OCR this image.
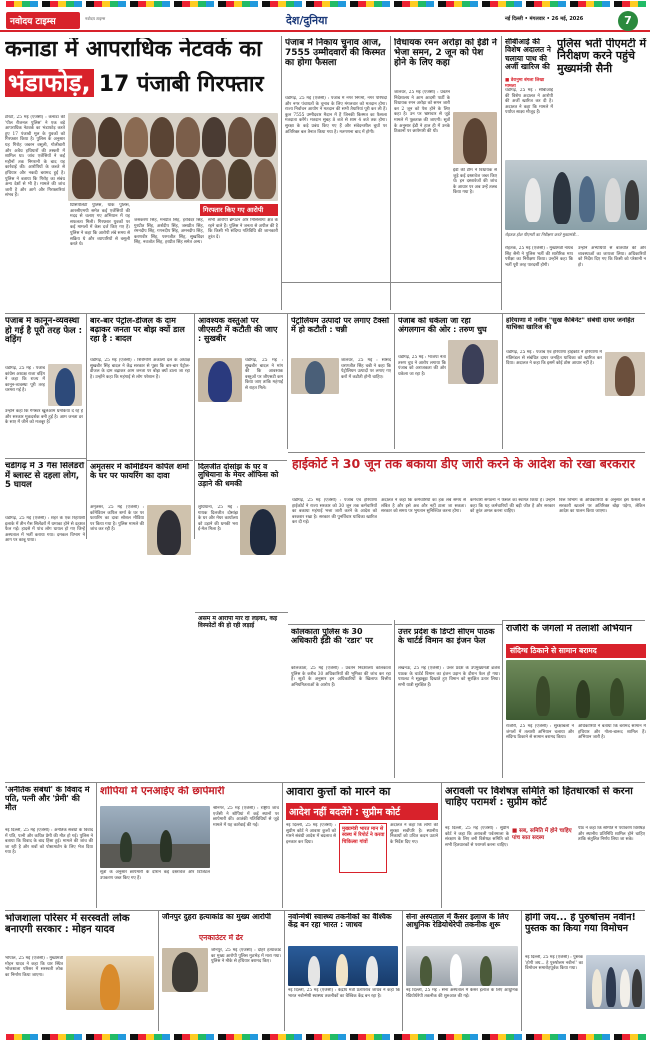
नवोदय टाइम्स	नवोदय टाइम्स	देश/दुनिया	नई दिल्ली • मंगलवार • 26 मई, 2026	7
कनाडा में आपराधिक नेटवर्क का
भंडाफोड़, 17 पंजाबी गिरफ्तार
टोरंटो, 25 मई (एजेंसी) : कनाडा की 'पील रीजनल पुलिस' ने एक बड़े आपराधिक नेटवर्क का भंडाफोड़ करते हुए 17 पंजाबी मूल के युवकों को गिरफ्तार किया है। पुलिस के अनुसार यह गिरोह जबरन वसूली, गोलीबारी और अवैध हथियारों की तस्करी में शामिल था। जांच एजेंसियों ने कई महीनों तक निगरानी के बाद यह कार्रवाई की। आरोपियों के कब्जे से हथियार और नकदी बरामद हुई है। पुलिस ने बताया कि गिरोह का संबंध अन्य देशों से भी है। मामले की जांच जारी है और आगे और गिरफ्तारियां संभव हैं।
गिरफ्तार किए गए आरोपी
प्रिंसिपेलिटी पुलिस, यॉर्क पुलिस, आरसीएमपी समेत कई एजेंसियों की मदद से चलाए गए अभियान में यह सफलता मिली। गिरफ्तार युवकों पर कई मामलों में केस दर्ज किए गए हैं। पुलिस ने कहा कि आरोपी लंबे समय से सक्रिय थे और व्यापारियों से वसूली करते थे।
जसकरण सिंह, मनप्रीत सिंह, हरविंदर सिंह, गुरप्रीत सिंह, अर्शदीप सिंह, जसप्रीत सिंह, रमनदीप सिंह, गगनदीप सिंह, अमनदीप सिंह, करणवीर सिंह, परमजीत सिंह, सुखविंदर सिंह, नवजोत सिंह, हरप्रीत सिंह समेत अन्य।
सभी आरोपी ब्रैम्पटन और मिसिसॉगा क्षेत्र के रहने वाले हैं। पुलिस ने जनता से अपील की है कि किसी भी संदिग्ध गतिविधि की जानकारी तुरंत दें।
पंजाब में निकाय चुनाव आज, 7555 उम्मीदवारों की किस्मत का होगा फैसला
चंडीगढ़, 25 मई (एजेंसी) : पंजाब में नगर निगमों, नगर परिषदों और नगर पंचायतों के चुनाव के लिए मंगलवार को मतदान होगा। राज्य निर्वाचन आयोग ने मतदान की सभी तैयारियां पूरी कर ली हैं। कुल 7555 उम्मीदवार मैदान में हैं जिनकी किस्मत का फैसला मतदाता करेंगे। मतदान सुबह 8 बजे से शाम 4 बजे तक होगा। सुरक्षा के कड़े प्रबंध किए गए हैं और संवेदनशील बूथों पर अतिरिक्त बल तैनात किया गया है। मतगणना बाद में होगी।
विधायक रमन अरोड़ा को ईडी ने भेजा समन, 2 जून को पेश होने के लिए कहा
जालंधर, 25 मई (एजेंसी) : प्रवर्तन निदेशालय ने आम आदमी पार्टी के विधायक रमन अरोड़ा को समन जारी कर 2 जून को पेश होने के लिए कहा है। उन पर भ्रष्टाचार से जुड़े मामले में पूछताछ की जाएगी। सूत्रों के अनुसार ईडी ने हाल ही में उनके ठिकानों पर छापेमारी की थी।
ईडी की टीम ने विधायक से जुड़े कई दस्तावेज जब्त किए थे। इन दस्तावेजों की जांच के आधार पर अब उन्हें तलब किया गया है।
सीबीआई की विशेष अदालत ने चलाया पाथ की अर्जी खारिज की
■ डेरानुमा बंगला लिखा मामला
चंडीगढ़, 25 मई : सीबीआई की विशेष अदालत ने आरोपी की अर्जी खारिज कर दी है। अदालत ने कहा कि मामले में पर्याप्त साक्ष्य मौजूद हैं।
पुलिस भर्ती पीएमटी में निरीक्षण करने पहुंचे मुख्यमंत्री सैनी
रोहतक होश पीएमटी का निरीक्षण करते मुख्यमंत्री...
रोहतक, 25 मई (एजेंसी) : मुख्यमंत्री नायब सिंह सैनी ने पुलिस भर्ती की शारीरिक माप परीक्षा का निरीक्षण किया। उन्होंने कहा कि भर्ती पूरी तरह पारदर्शी होगी।
उन्होंने अभ्यर्थियों से बातचीत की और व्यवस्थाओं का जायजा लिया। अधिकारियों को निर्देश दिए गए कि किसी को परेशानी न हो।
पंजाब में कानून-व्यवस्था हो गई है पूरी तरह फेल : वड़िंग
चंडीगढ़, 25 मई : पंजाब कांग्रेस अध्यक्ष राजा वड़िंग ने कहा कि राज्य में कानून-व्यवस्था पूरी तरह चरमरा गई है।
उन्होंने कहा कि गैंगस्टर खुलेआम धमकियां दे रहे हैं और सरकार मूकदर्शक बनी हुई है। आम जनता डर के साए में जीने को मजबूर है।
बार-बार पेट्रोल-डीजल के दाम बढ़ाकर जनता पर बोझ क्यों डाल रहा है : बादल
चंडीगढ़, 25 मई (एजेंसी) : शिरोमणि अकाली दल के अध्यक्ष सुखबीर सिंह बादल ने केंद्र सरकार से पूछा कि बार-बार पेट्रोल-डीजल के दाम बढ़ाकर आम जनता पर बोझ क्यों डाला जा रहा है। उन्होंने कहा कि महंगाई से लोग परेशान हैं।
आवश्यक वस्तुओं पर जीएसटी में कटौती की जाए : सुखबीर
चंडीगढ़, 25 मई : सुखबीर बादल ने मांग की कि आवश्यक वस्तुओं पर जीएसटी कम किया जाए ताकि महंगाई से राहत मिले।
पेट्रोलियम उत्पादों पर लगाए टैक्सों में हो कटौती : चन्नी
जालंधर, 25 मई : सांसद चरणजीत सिंह चन्नी ने कहा कि पेट्रोलियम उत्पादों पर लगाए गए करों में कटौती होनी चाहिए।
पंजाब को धकेला जा रहा अंगलगान की ओर : तरुण चुघ
चंडीगढ़, 25 मई : भाजपा नेता तरुण चुघ ने आरोप लगाया कि पंजाब को अराजकता की ओर धकेला जा रहा है।
हरियाणा में नवीन "सुख कैबिनेट" संबंधी दायर जनहित याचिका खारिज की
चंडीगढ़, 25 मई : पंजाब एवं हरियाणा हाईकोर्ट ने हरियाणा में मंत्रिमंडल से संबंधित दायर जनहित याचिका को खारिज कर दिया। अदालत ने कहा कि इसमें कोई ठोस आधार नहीं है।
हाईकोर्ट ने 30 जून तक बकाया डीए जारी करने के आदेश को रखा बरकरार
चंडीगढ़, 25 मई (एजेंसी) : पंजाब एवं हरियाणा हाईकोर्ट ने राज्य सरकार को 30 जून तक कर्मचारियों का बकाया महंगाई भत्ता जारी करने के आदेश को बरकरार रखा है। सरकार की पुनर्विचार याचिका खारिज कर दी गई।
अदालत ने कहा कि कर्मचारियों का हक लंबे समय से लंबित है और इसे अब और नहीं टाला जा सकता। सरकार को समय पर भुगतान सुनिश्चित करना होगा।
कर्मचारी संगठनों ने फैसले का स्वागत किया है। उन्होंने कहा कि यह कर्मचारियों की बड़ी जीत है और सरकार को तुरंत अमल करना चाहिए।
वित्त विभाग के अधिकारियों के अनुसार इस फैसले से सरकारी खजाने पर अतिरिक्त बोझ पड़ेगा, लेकिन आदेश का पालन किया जाएगा।
चंडीगढ़ में 3 गैस सिलेंडरों में ब्लास्ट से दहला लोग, 5 घायल
चंडीगढ़, 25 मई (एजेंसी) : शहर के एक रिहायशी इलाके में तीन गैस सिलेंडरों में धमाका होने से दहशत फैल गई। हादसे में पांच लोग घायल हो गए जिन्हें अस्पताल में भर्ती कराया गया। दमकल विभाग ने आग पर काबू पाया।
अमृतसर में कॉमेडियन कपिल शर्मा के घर पर फायरिंग का दावा
अमृतसर, 25 मई (एजेंसी) : कॉमेडियन कपिल शर्मा के घर पर फायरिंग का दावा सोशल मीडिया पर किया गया है। पुलिस मामले की जांच कर रही है।
दिलजीत दोसांझ के घर व लुधियाना के मेयर ऑफिस को उड़ाने की धमकी
लुधियाना, 25 मई : गायक दिलजीत दोसांझ के घर और मेयर कार्यालय को उड़ाने की धमकी भरा ई-मेल मिला है।
कोलकाता पुलिस के 30 अधिकारी ईडी की 'रडार' पर
कोलकाता, 25 मई (एजेंसी) : प्रवर्तन निदेशालय कोलकाता पुलिस के करीब 30 अधिकारियों की भूमिका की जांच कर रहा है। सूत्रों के अनुसार इन अधिकारियों के खिलाफ वित्तीय अनियमितताओं के आरोप हैं।
उत्तर प्रदेश के डिप्टी सीएम पाठक के चार्टर्ड विमान का इंजन फेल
लखनऊ, 25 मई (एजेंसी) : उत्तर प्रदेश के उपमुख्यमंत्री ब्रजेश पाठक के चार्टर्ड विमान का इंजन उड़ान के दौरान फेल हो गया। पायलट ने सूझबूझ दिखाते हुए विमान को सुरक्षित उतार लिया। सभी यात्री सुरक्षित हैं।
असम में आरोपी मार दो लड़का, कई विस्फोटों की हो रही लड़ाई	राजौरी के जंगलों में तलाशी अभियान
संदिग्ध ठिकाने से सामान बरामद
राजौरी, 25 मई (एजेंसी) : सुरक्षाबलों ने जंगलों में तलाशी अभियान चलाया और संदिग्ध ठिकाने से सामान बरामद किया।
अधिकारियों ने बताया कि बरामद सामान में हथियार और गोला-बारूद शामिल हैं। अभियान जारी है।
'अनैतिक संबंधों' के विवाद में पति, पत्नी और 'प्रेमी' की मौत
नई दिल्ली, 25 मई (एजेंसी) : अनैतिक संबंधों के विवाद में पति, पत्नी और कथित प्रेमी की मौत हो गई। पुलिस ने बताया कि विवाद के बाद हिंसा हुई। मामले की जांच की जा रही है और शवों को पोस्टमार्टम के लिए भेज दिया गया है।
शोपियां में एनआईए की छापेमारी
श्रीनगर, 25 मई (एजेंसी) : राष्ट्रीय जांच एजेंसी ने शोपियां में कई स्थानों पर छापेमारी की। आतंकी गतिविधियों से जुड़े मामले में यह कार्रवाई की गई।
सूत्रों के अनुसार छापेमारी के दौरान कई दस्तावेज और डिजिटल उपकरण जब्त किए गए हैं।
आवारा कुत्तों को मारने का
आदेश नहीं बदलेंगे : सुप्रीम कोर्ट
नई दिल्ली, 25 मई (एजेंसी) : सुप्रीम कोर्ट ने आवारा कुत्तों को मारने संबंधी आदेश में बदलाव से इनकार कर दिया।
मुख्यमंत्री भारत मान से स्वस्थ में रिपोर्ट ने करवा चिकित्सा गांवों
अदालत ने कहा कि लोगों की सुरक्षा सर्वोपरि है। स्थानीय निकायों को उचित कदम उठाने के निर्देश दिए गए।
अरावली पर विशेषज्ञ समिति को हितधारकों से करना चाहिए परामर्श : सुप्रीम कोर्ट
नई दिल्ली, 25 मई (एजेंसी) : सुप्रीम कोर्ट ने कहा कि अरावली पर्वतमाला के संरक्षण के लिए बनी विशेषज्ञ समिति को सभी हितधारकों से परामर्श करना चाहिए।
■ सब, समिति में होने चाहिए पांच सात सदस्य
पीठ ने कहा कि समिति में पर्यावरण विशेषज्ञ और स्थानीय प्रतिनिधि शामिल होने चाहिए ताकि संतुलित निर्णय लिया जा सके।
भोजशाला परिसर में सरस्वती लोक बनाएगी सरकार : मोहन यादव
भोपाल, 25 मई (एजेंसी) : मुख्यमंत्री मोहन यादव ने कहा कि धार स्थित भोजशाला परिसर में सरस्वती लोक का निर्माण किया जाएगा।
जौनपुर दुहरा हत्याकांड का मुख्य आरोपी
एनकाउंटर में ढेर
जौनपुर, 25 मई (एजेंसी) : दोहरे हत्याकांड का मुख्य आरोपी पुलिस मुठभेड़ में मारा गया। पुलिस ने मौके से हथियार बरामद किए।
नवोन्मेषी स्वास्थ्य तकनीकों का वैश्विक केंद्र बन रहा भारत : जाधव
नई दिल्ली, 25 मई (एजेंसी) : केंद्रीय मंत्री प्रतापराव जाधव ने कहा कि भारत नवोन्मेषी स्वास्थ्य तकनीकों का वैश्विक केंद्र बन रहा है।
सेना अस्पताल में कैंसर इलाज के लिए आधुनिक रेडियोथेरेपी तकनीक शुरू
नई दिल्ली, 25 मई : सेना अस्पताल में कैंसर इलाज के लिए आधुनिक रेडियोथेरेपी तकनीक की शुरुआत की गई।
होगी जय... हे पुरुषोत्तम नवीन! पुस्तक का किया गया विमोचन
नई दिल्ली, 25 मई (एजेंसी) : पुस्तक 'होगी जय... हे पुरुषोत्तम नवीन!' का विमोचन समारोहपूर्वक किया गया।
